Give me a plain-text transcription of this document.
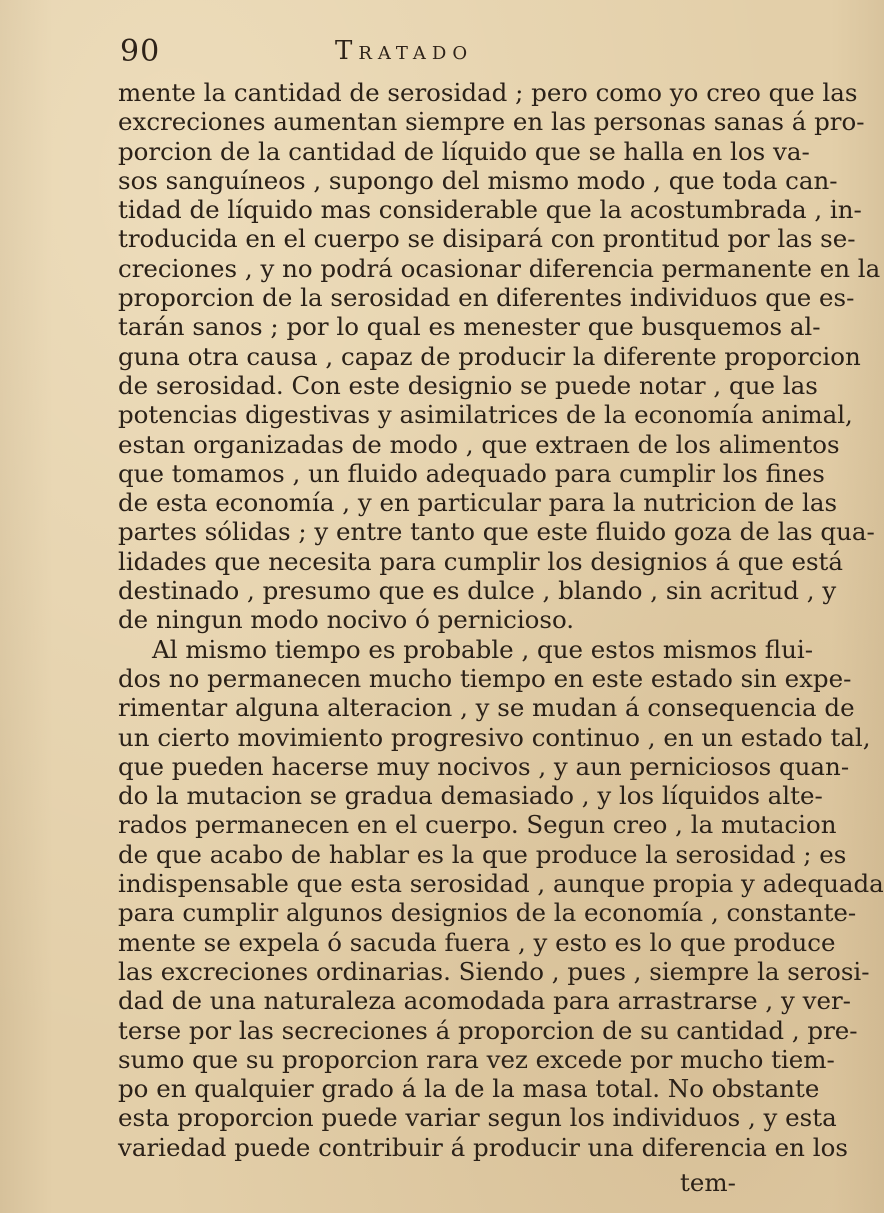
90	Tratado
mente la cantidad de serosidad ; pero como yo creo que las
excreciones aumentan siempre en las personas sanas á pro-
porcion de la cantidad de líquido que se halla en los va-
sos sanguíneos , supongo del mismo modo , que toda can-
tidad de líquido mas considerable que la acostumbrada , in-
troducida en el cuerpo se disipará con prontitud por las se-
creciones , y no podrá ocasionar diferencia permanente en la
proporcion de la serosidad en diferentes individuos que es-
tarán sanos ; por lo qual es menester que busquemos al-
guna otra causa , capaz de producir la diferente proporcion
de serosidad. Con este designio se puede notar , que las
potencias digestivas y asimilatrices de la economía animal,
estan organizadas de modo , que extraen de los alimentos
que tomamos , un fluido adequado para cumplir los fines
de esta economía , y en particular para la nutricion de las
partes sólidas ; y entre tanto que este fluido goza de las qua-
lidades que necesita para cumplir los designios á que está
destinado , presumo que es dulce , blando , sin acritud , y
de ningun modo nocivo ó pernicioso.
Al mismo tiempo es probable , que estos mismos flui-
dos no permanecen mucho tiempo en este estado sin expe-
rimentar alguna alteracion , y se mudan á consequencia de
un cierto movimiento progresivo continuo , en un estado tal,
que pueden hacerse muy nocivos , y aun perniciosos quan-
do la mutacion se gradua demasiado , y los líquidos alte-
rados permanecen en el cuerpo. Segun creo , la mutacion
de que acabo de hablar es la que produce la serosidad ; es
indispensable que esta serosidad , aunque propia y adequada
para cumplir algunos designios de la economía , constante-
mente se expela ó sacuda fuera , y esto es lo que produce
las excreciones ordinarias. Siendo , pues , siempre la serosi-
dad de una naturaleza acomodada para arrastrarse , y ver-
terse por las secreciones á proporcion de su cantidad , pre-
sumo que su proporcion rara vez excede por mucho tiem-
po en qualquier grado á la de la masa total. No obstante
esta proporcion puede variar segun los individuos , y esta
variedad puede contribuir á producir una diferencia en los
tem-
